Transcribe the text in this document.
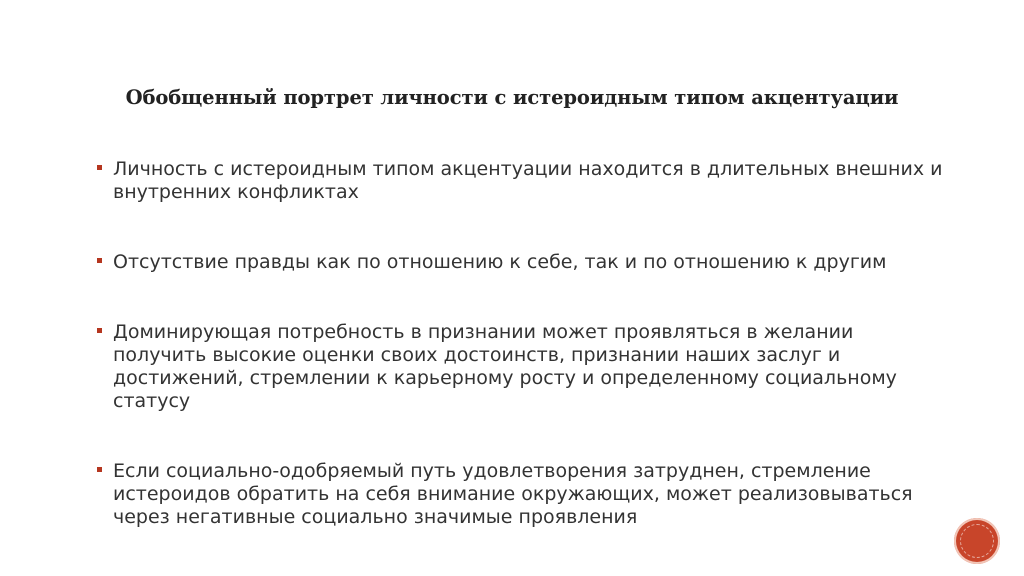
Обобщенный портрет личности с истероидным типом акцентуации
Личность с истероидным типом акцентуации находится в длительных внешних и внутренних конфликтах
Отсутствие правды как по отношению к себе, так и по отношению к другим
Доминирующая потребность в признании может проявляться в желании получить высокие оценки своих достоинств, признании наших заслуг и достижений, стремлении к карьерному росту и определенному социальному статусу
Если социально-одобряемый путь удовлетворения затруднен, стремление истероидов обратить на себя внимание окружающих, может реализовываться через негативные социально значимые проявления
